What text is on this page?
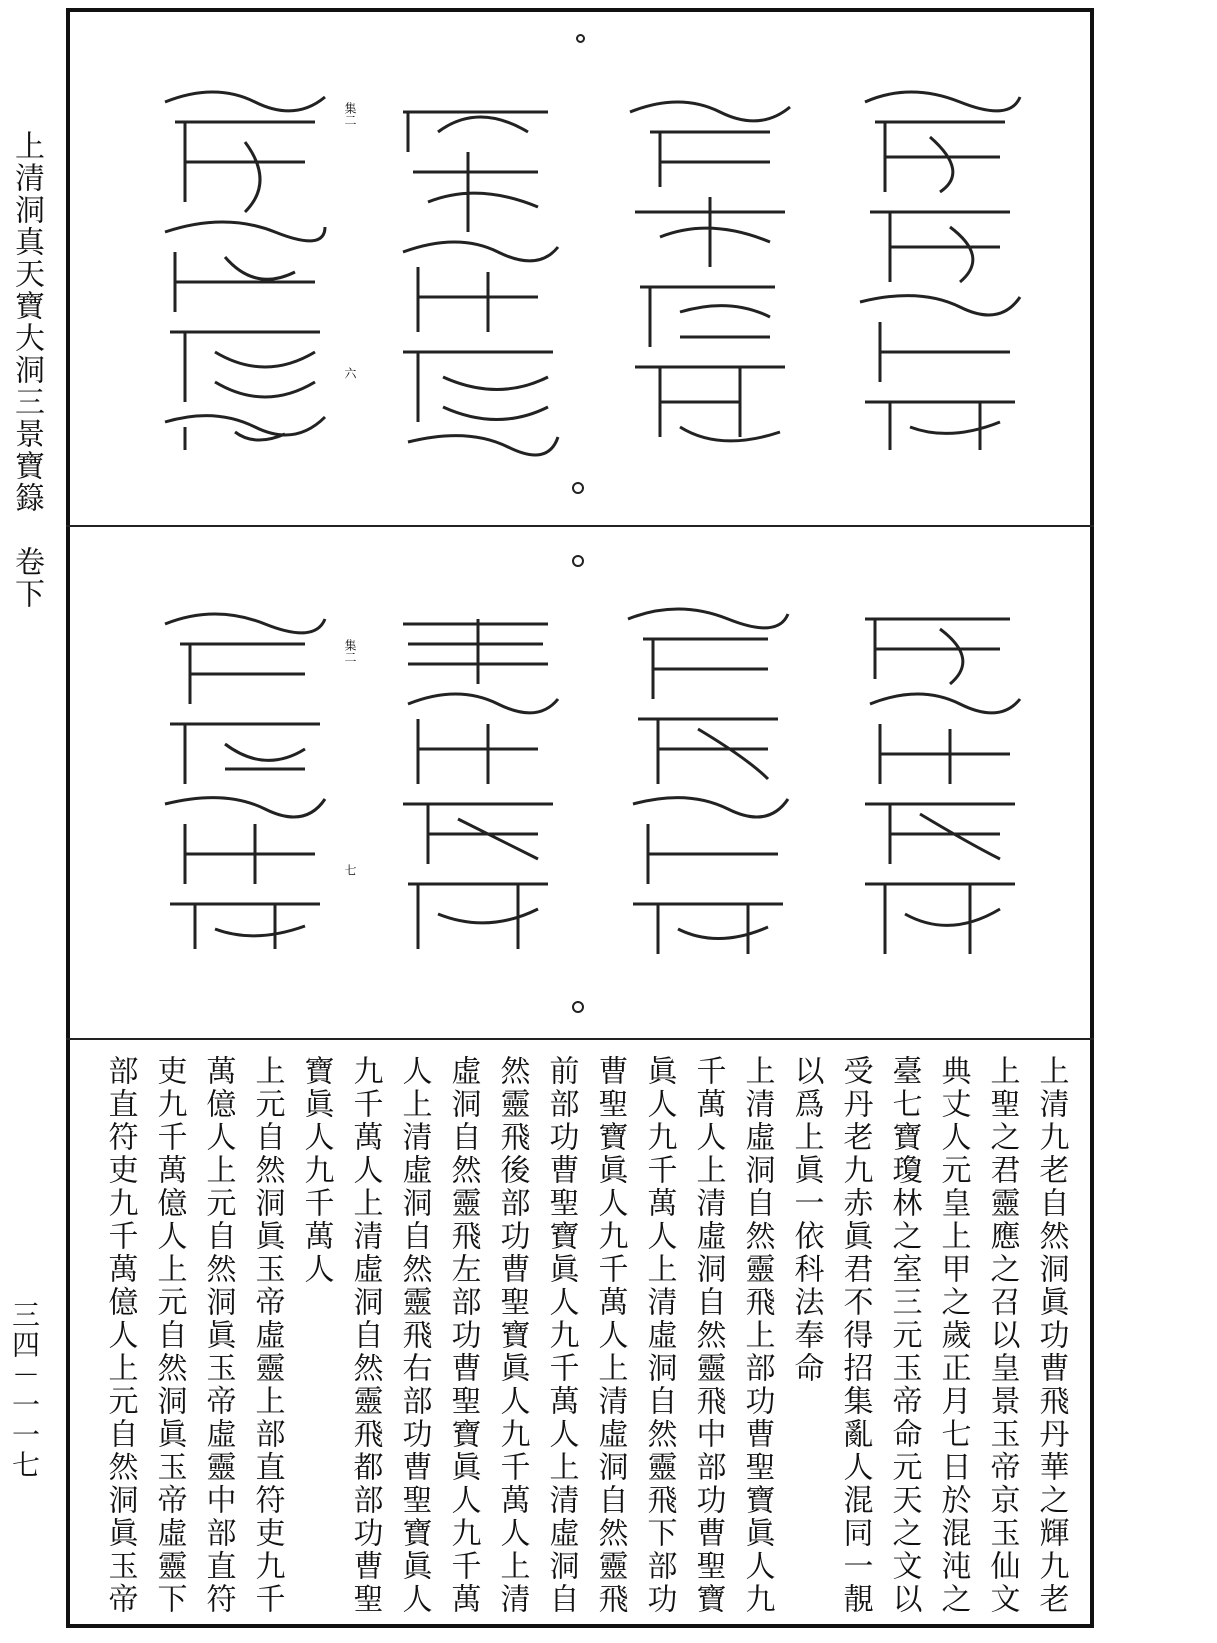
上清洞真天寶大洞三景寶籙　卷下
三四－一一七
集二
六
集二
七
上清九老自然洞眞功曹飛丹華之輝九老
上聖之君靈應之召以皇景玉帝京玉仙文
典丈人元皇上甲之歲正月七日於混沌之
臺七寶瓊林之室三元玉帝命元天之文以
受丹老九赤眞君不得招集亂人混同一靚
以爲上眞一依科法奉命
上清虛洞自然靈飛上部功曹聖寶眞人九
千萬人上清虛洞自然靈飛中部功曹聖寶
眞人九千萬人上清虛洞自然靈飛下部功
曹聖寶眞人九千萬人上清虛洞自然靈飛
前部功曹聖寶眞人九千萬人上清虛洞自
然靈飛後部功曹聖寶眞人九千萬人上清
虛洞自然靈飛左部功曹聖寶眞人九千萬
人上清虛洞自然靈飛右部功曹聖寶眞人
九千萬人上清虛洞自然靈飛都部功曹聖
寶眞人九千萬人
上元自然洞眞玉帝虛靈上部直符吏九千
萬億人上元自然洞眞玉帝虛靈中部直符
吏九千萬億人上元自然洞眞玉帝虛靈下
部直符吏九千萬億人上元自然洞眞玉帝
